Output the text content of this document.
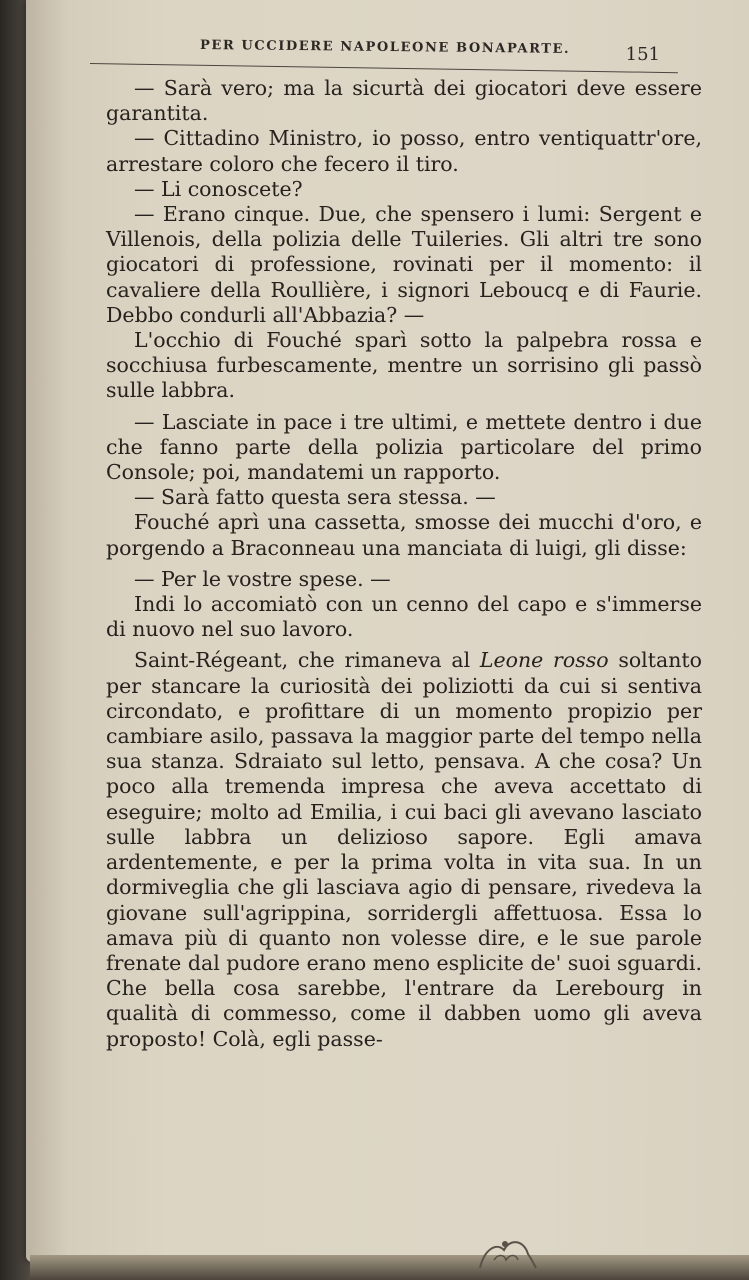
PER UCCIDERE NAPOLEONE BONAPARTE.	151

— Sarà vero; ma la sicurtà dei giocatori deve essere garantita.

— Cittadino Ministro, io posso, entro ventiquattr'ore, arrestare coloro che fecero il tiro.

— Li conoscete?

— Erano cinque. Due, che spensero i lumi: Sergent e Villenois, della polizia delle Tuileries. Gli altri tre sono giocatori di professione, rovinati per il momento: il cavaliere della Roullière, i signori Leboucq e di Faurie. Debbo condurli all'Abbazia? —

L'occhio di Fouché sparì sotto la palpebra rossa e socchiusa furbescamente, mentre un sorrisino gli passò sulle labbra.

— Lasciate in pace i tre ultimi, e mettete dentro i due che fanno parte della polizia particolare del primo Console; poi, mandatemi un rapporto.

— Sarà fatto questa sera stessa. —

Fouché aprì una cassetta, smosse dei mucchi d'oro, e porgendo a Braconneau una manciata di luigi, gli disse:

— Per le vostre spese. —

Indi lo accomiatò con un cenno del capo e s'immerse di nuovo nel suo lavoro.

Saint-Régeant, che rimaneva al Leone rosso soltanto per stancare la curiosità dei poliziotti da cui si sentiva circondato, e profittare di un momento propizio per cambiare asilo, passava la maggior parte del tempo nella sua stanza. Sdraiato sul letto, pensava. A che cosa? Un poco alla tremenda impresa che aveva accettato di eseguire; molto ad Emilia, i cui baci gli avevano lasciato sulle labbra un delizioso sapore. Egli amava ardentemente, e per la prima volta in vita sua. In un dormiveglia che gli lasciava agio di pensare, rivedeva la giovane sull'agrippina, sorridergli affettuosa. Essa lo amava più di quanto non volesse dire, e le sue parole frenate dal pudore erano meno esplicite de' suoi sguardi. Che bella cosa sarebbe, l'entrare da Lerebourg in qualità di commesso, come il dabben uomo gli aveva proposto! Colà, egli passe-
